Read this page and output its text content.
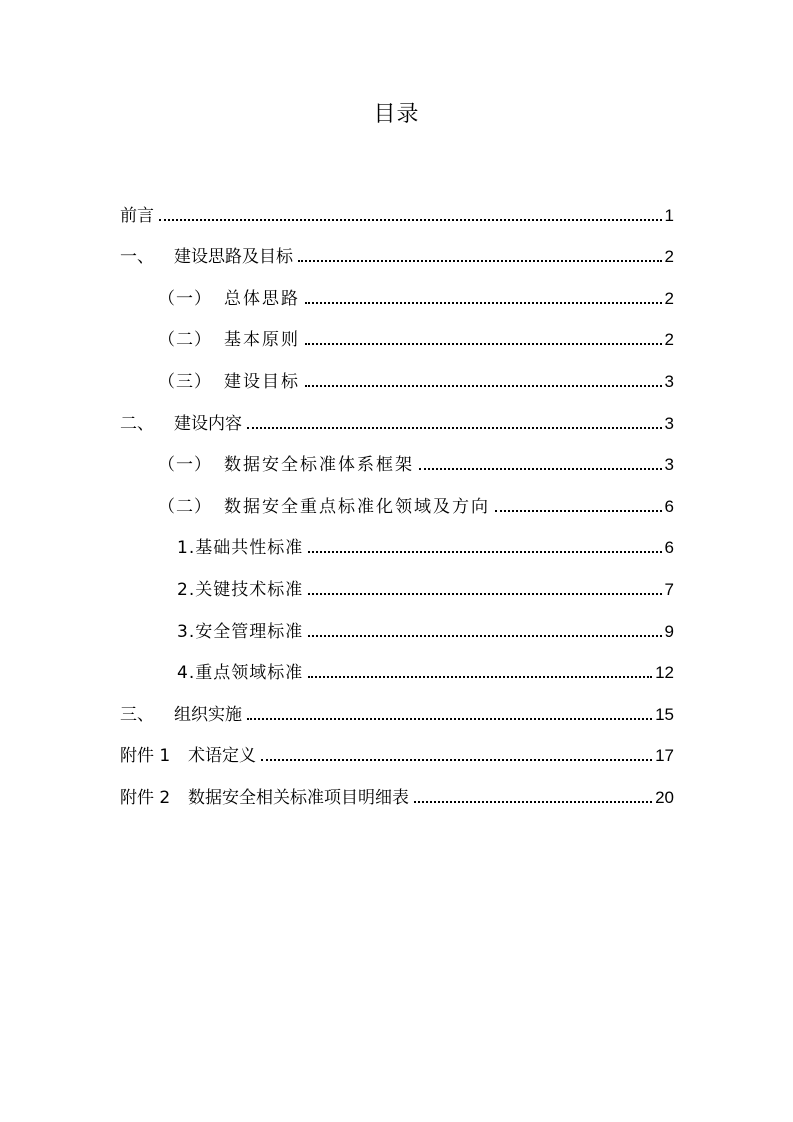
目录
前言	1
一、 建设思路及目标	2
（一） 总体思路	2
（二） 基本原则	2
（三） 建设目标	3
二、 建设内容	3
（一） 数据安全标准体系框架	3
（二） 数据安全重点标准化领域及方向	6
1.基础共性标准	6
2.关键技术标准	7
3.安全管理标准	9
4.重点领域标准	12
三、 组织实施	15
附件 1 术语定义	17
附件 2 数据安全相关标准项目明细表	20
